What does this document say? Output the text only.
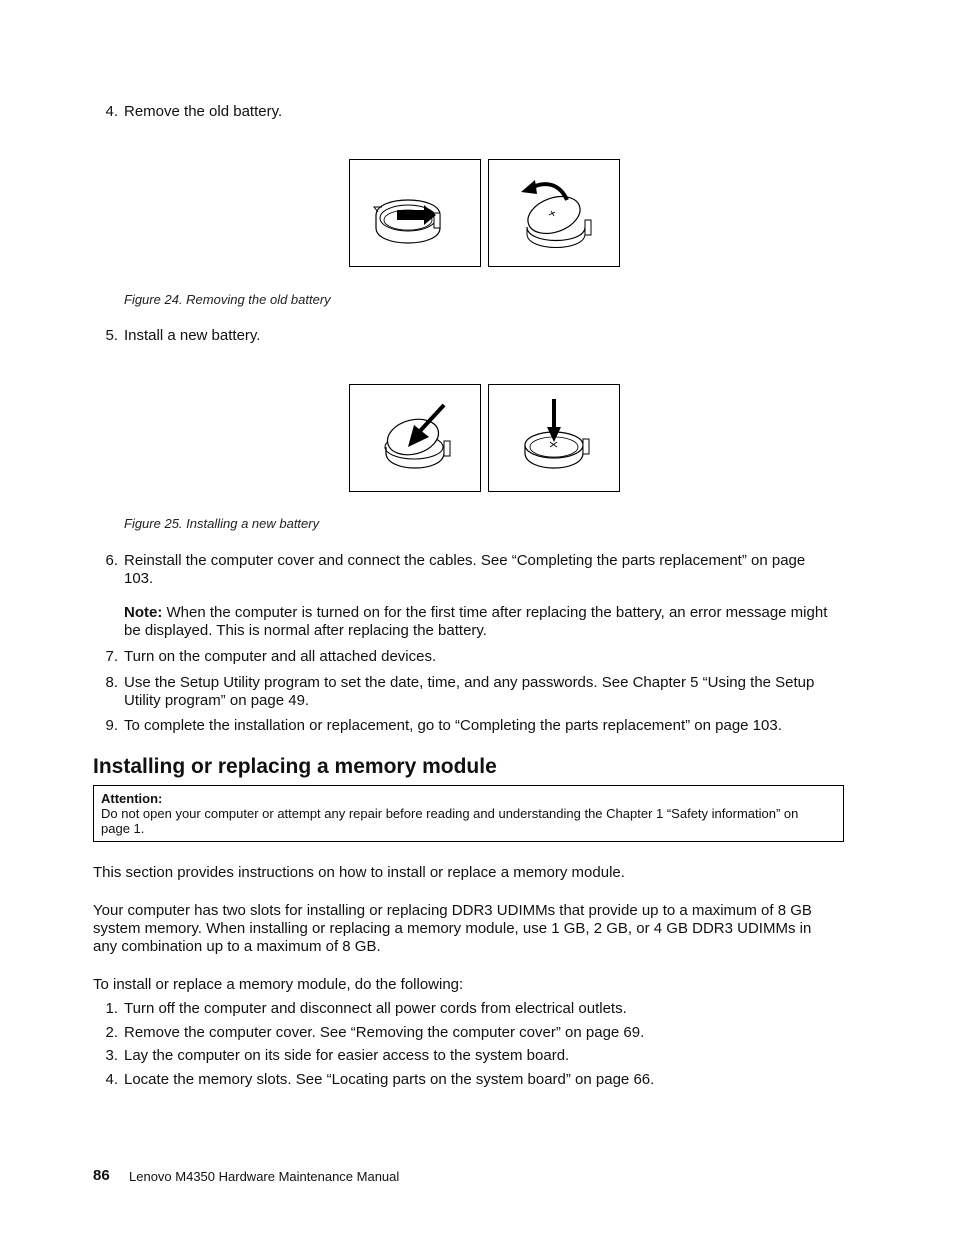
4. Remove the old battery.
Figure 24. Removing the old battery
5. Install a new battery.
Figure 25. Installing a new battery
6. Reinstall the computer cover and connect the cables. See “Completing the parts replacement” on page 103.
Note: When the computer is turned on for the first time after replacing the battery, an error message might be displayed. This is normal after replacing the battery.
7. Turn on the computer and all attached devices.
8. Use the Setup Utility program to set the date, time, and any passwords. See Chapter 5 “Using the Setup Utility program” on page 49.
9. To complete the installation or replacement, go to “Completing the parts replacement” on page 103.
Installing or replacing a memory module
Attention:
Do not open your computer or attempt any repair before reading and understanding the Chapter 1 “Safety information” on page 1.
This section provides instructions on how to install or replace a memory module.
Your computer has two slots for installing or replacing DDR3 UDIMMs that provide up to a maximum of 8 GB system memory. When installing or replacing a memory module, use 1 GB, 2 GB, or 4 GB DDR3 UDIMMs in any combination up to a maximum of 8 GB.
To install or replace a memory module, do the following:
1. Turn off the computer and disconnect all power cords from electrical outlets.
2. Remove the computer cover. See “Removing the computer cover” on page 69.
3. Lay the computer on its side for easier access to the system board.
4. Locate the memory slots. See “Locating parts on the system board” on page 66.
86 Lenovo M4350 Hardware Maintenance Manual
